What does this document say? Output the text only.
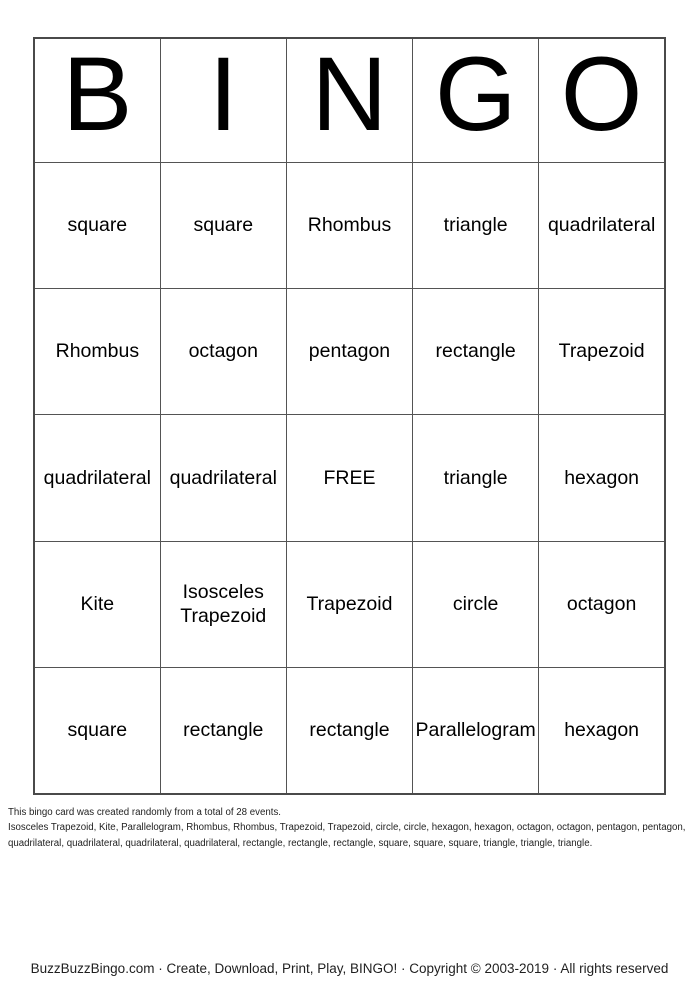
B	I	N	G	O
square	square	Rhombus	triangle	quadrilateral
Rhombus	octagon	pentagon	rectangle	Trapezoid
quadrilateral	quadrilateral	FREE	triangle	hexagon
Kite	Isosceles Trapezoid	Trapezoid	circle	octagon
square	rectangle	rectangle	Parallelogram	hexagon
This bingo card was created randomly from a total of 28 events.
Isosceles Trapezoid, Kite, Parallelogram, Rhombus, Rhombus, Trapezoid, Trapezoid, circle, circle, hexagon, hexagon, octagon, octagon, pentagon, pentagon,
quadrilateral, quadrilateral, quadrilateral, quadrilateral, rectangle, rectangle, rectangle, square, square, square, triangle, triangle, triangle.
BuzzBuzzBingo.com · Create, Download, Print, Play, BINGO! · Copyright © 2003-2019 · All rights reserved
